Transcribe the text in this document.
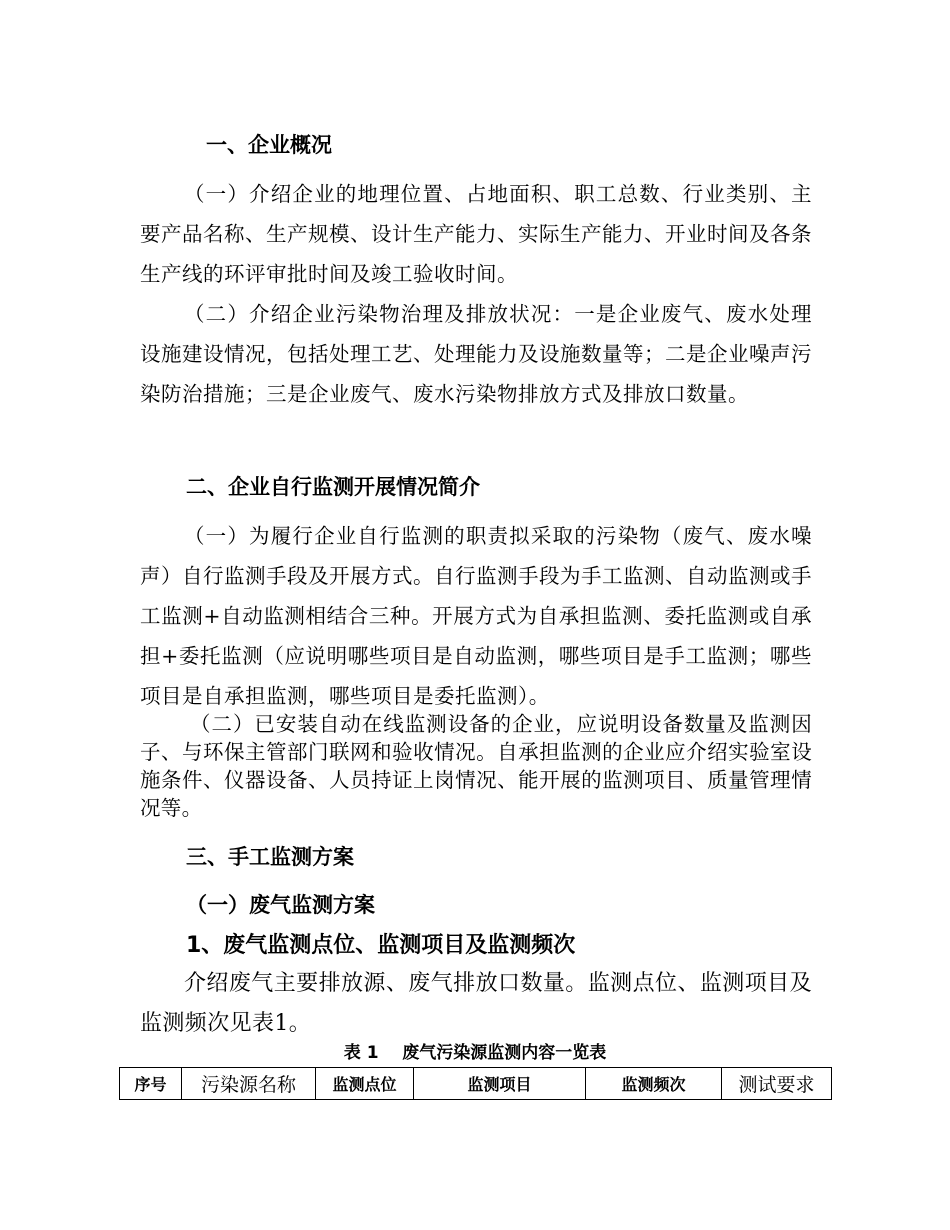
一、企业概况
（一）介绍企业的地理位置、占地面积、职工总数、行业类别、主要产品名称、生产规模、设计生产能力、实际生产能力、开业时间及各条生产线的环评审批时间及竣工验收时间。
（二）介绍企业污染物治理及排放状况：一是企业废气、废水处理设施建设情况，包括处理工艺、处理能力及设施数量等；二是企业噪声污染防治措施；三是企业废气、废水污染物排放方式及排放口数量。
二、企业自行监测开展情况简介
（一）为履行企业自行监测的职责拟采取的污染物（废气、废水噪声）自行监测手段及开展方式。自行监测手段为手工监测、自动监测或手工监测+自动监测相结合三种。开展方式为自承担监测、委托监测或自承担+委托监测（应说明哪些项目是自动监测，哪些项目是手工监测；哪些项目是自承担监测，哪些项目是委托监测）。
（二）已安装自动在线监测设备的企业，应说明设备数量及监测因子、与环保主管部门联网和验收情况。自承担监测的企业应介绍实验室设施条件、仪器设备、人员持证上岗情况、能开展的监测项目、质量管理情况等。
三、手工监测方案
（一）废气监测方案
1、废气监测点位、监测项目及监测频次
介绍废气主要排放源、废气排放口数量。监测点位、监测项目及监测频次见表1。
表 1    废气污染源监测内容一览表
序号	污染源名称	监测点位	监测项目	监测频次	测试要求
